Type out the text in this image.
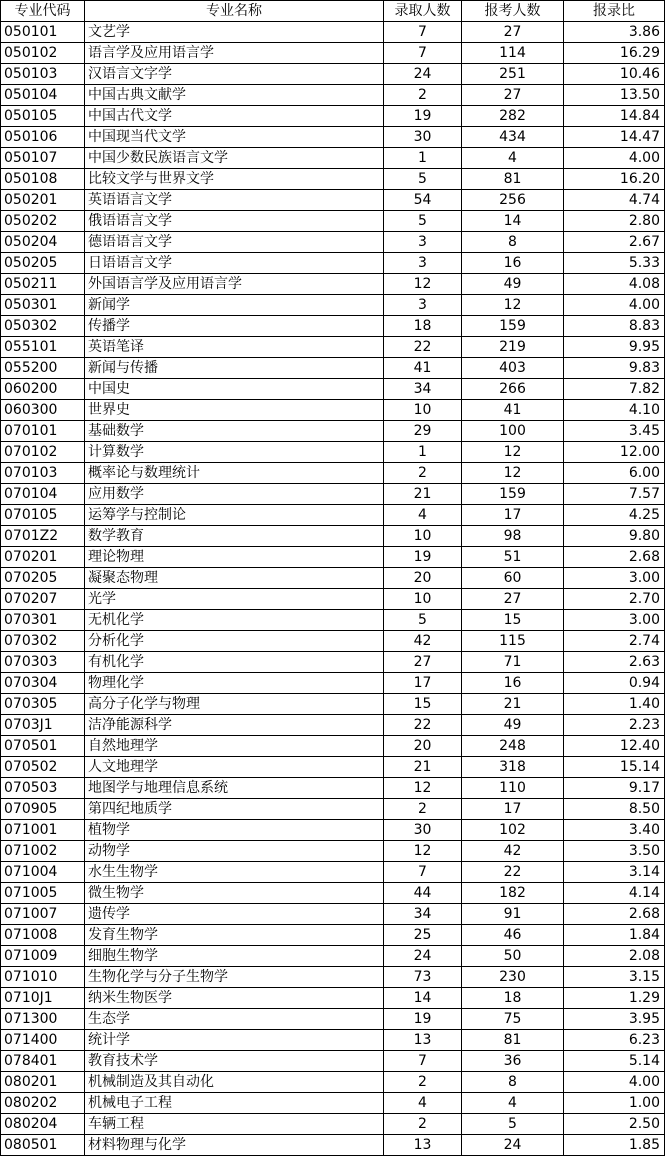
专业代码	专业名称	录取人数	报考人数	报录比
050101	文艺学	7	27	3.86
050102	语言学及应用语言学	7	114	16.29
050103	汉语言文字学	24	251	10.46
050104	中国古典文献学	2	27	13.50
050105	中国古代文学	19	282	14.84
050106	中国现当代文学	30	434	14.47
050107	中国少数民族语言文学	1	4	4.00
050108	比较文学与世界文学	5	81	16.20
050201	英语语言文学	54	256	4.74
050202	俄语语言文学	5	14	2.80
050204	德语语言文学	3	8	2.67
050205	日语语言文学	3	16	5.33
050211	外国语言学及应用语言学	12	49	4.08
050301	新闻学	3	12	4.00
050302	传播学	18	159	8.83
055101	英语笔译	22	219	9.95
055200	新闻与传播	41	403	9.83
060200	中国史	34	266	7.82
060300	世界史	10	41	4.10
070101	基础数学	29	100	3.45
070102	计算数学	1	12	12.00
070103	概率论与数理统计	2	12	6.00
070104	应用数学	21	159	7.57
070105	运筹学与控制论	4	17	4.25
0701Z2	数学教育	10	98	9.80
070201	理论物理	19	51	2.68
070205	凝聚态物理	20	60	3.00
070207	光学	10	27	2.70
070301	无机化学	5	15	3.00
070302	分析化学	42	115	2.74
070303	有机化学	27	71	2.63
070304	物理化学	17	16	0.94
070305	高分子化学与物理	15	21	1.40
0703J1	洁净能源科学	22	49	2.23
070501	自然地理学	20	248	12.40
070502	人文地理学	21	318	15.14
070503	地图学与地理信息系统	12	110	9.17
070905	第四纪地质学	2	17	8.50
071001	植物学	30	102	3.40
071002	动物学	12	42	3.50
071004	水生生物学	7	22	3.14
071005	微生物学	44	182	4.14
071007	遗传学	34	91	2.68
071008	发育生物学	25	46	1.84
071009	细胞生物学	24	50	2.08
071010	生物化学与分子生物学	73	230	3.15
0710J1	纳米生物医学	14	18	1.29
071300	生态学	19	75	3.95
071400	统计学	13	81	6.23
078401	教育技术学	7	36	5.14
080201	机械制造及其自动化	2	8	4.00
080202	机械电子工程	4	4	1.00
080204	车辆工程	2	5	2.50
080501	材料物理与化学	13	24	1.85
